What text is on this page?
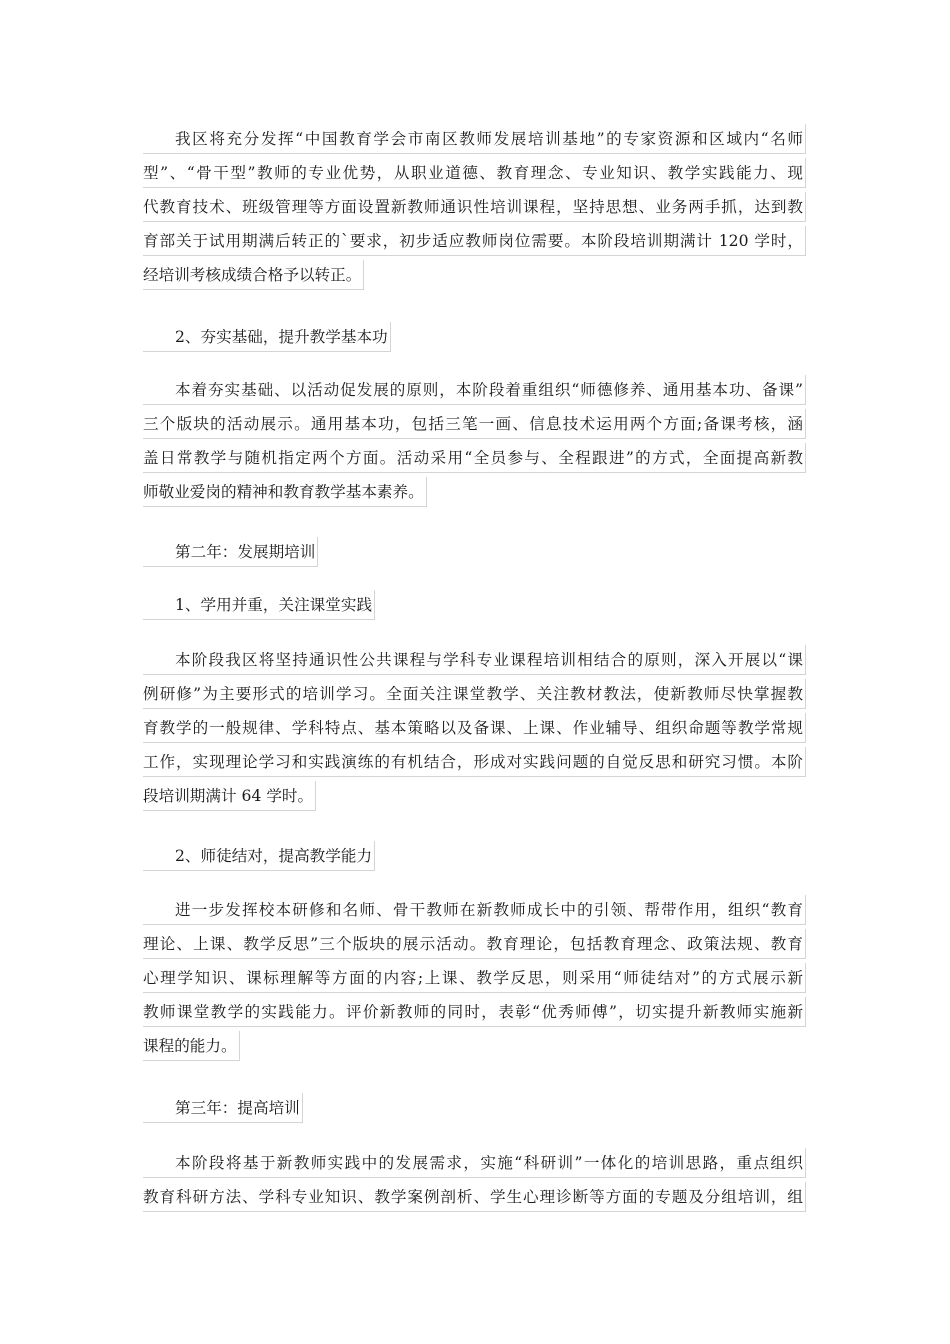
我区将充分发挥“中国教育学会市南区教师发展培训基地”的专家资源和区域内“名师
型”、“骨干型”教师的专业优势，从职业道德、教育理念、专业知识、教学实践能力、现
代教育技术、班级管理等方面设置新教师通识性培训课程，坚持思想、业务两手抓，达到教
育部关于试用期满后转正的`要求，初步适应教师岗位需要。本阶段培训期满计 120 学时，
经培训考核成绩合格予以转正。
2、夯实基础，提升教学基本功
本着夯实基础、以活动促发展的原则，本阶段着重组织“师德修养、通用基本功、备课”
三个版块的活动展示。通用基本功，包括三笔一画、信息技术运用两个方面;备课考核，涵
盖日常教学与随机指定两个方面。活动采用“全员参与、全程跟进”的方式，全面提高新教
师敬业爱岗的精神和教育教学基本素养。
第二年：发展期培训
1、学用并重，关注课堂实践
本阶段我区将坚持通识性公共课程与学科专业课程培训相结合的原则，深入开展以“课
例研修”为主要形式的培训学习。全面关注课堂教学、关注教材教法，使新教师尽快掌握教
育教学的一般规律、学科特点、基本策略以及备课、上课、作业辅导、组织命题等教学常规
工作，实现理论学习和实践演练的有机结合，形成对实践问题的自觉反思和研究习惯。本阶
段培训期满计 64 学时。
2、师徒结对，提高教学能力
进一步发挥校本研修和名师、骨干教师在新教师成长中的引领、帮带作用，组织“教育
理论、上课、教学反思”三个版块的展示活动。教育理论，包括教育理念、政策法规、教育
心理学知识、课标理解等方面的内容;上课、教学反思，则采用“师徒结对”的方式展示新
教师课堂教学的实践能力。评价新教师的同时，表彰“优秀师傅”，切实提升新教师实施新
课程的能力。
第三年：提高培训
本阶段将基于新教师实践中的发展需求，实施“科研训”一体化的培训思路，重点组织
教育科研方法、学科专业知识、教学案例剖析、学生心理诊断等方面的专题及分组培训，组
